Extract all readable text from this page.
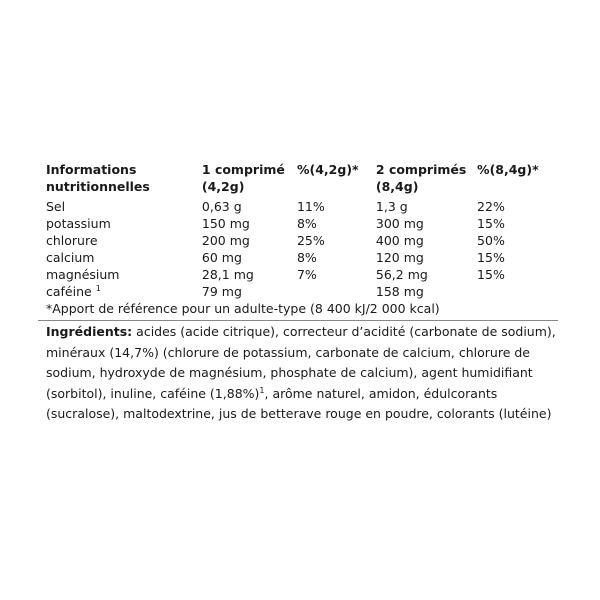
Informations nutritionnelles	1 comprimé (4,2g)	%(4,2g)*	2 comprimés (8,4g)	%(8,4g)*
Sel	0,63 g	11%	1,3 g	22%
potassium	150 mg	8%	300 mg	15%
chlorure	200 mg	25%	400 mg	50%
calcium	60 mg	8%	120 mg	15%
magnésium	28,1 mg	7%	56,2 mg	15%
caféine $^1$	79 mg		158 mg	
*Apport de référence pour un adulte-type (8 400 kJ/2 000 kcal)				
Ingrédients: acides (acide citrique), correcteur d’acidité (carbonate de sodium), minéraux (14,7%) (chlorure de potassium, carbonate de calcium, chlorure de sodium, hydroxyde de magnésium, phosphate de calcium), agent humidifiant (sorbitol), inuline, caféine $(1,88\%)^1$, arôme naturel, amidon, édulcorants (sucralose), maltodextrine, jus de betterave rouge en poudre, colorants (lutéine)
